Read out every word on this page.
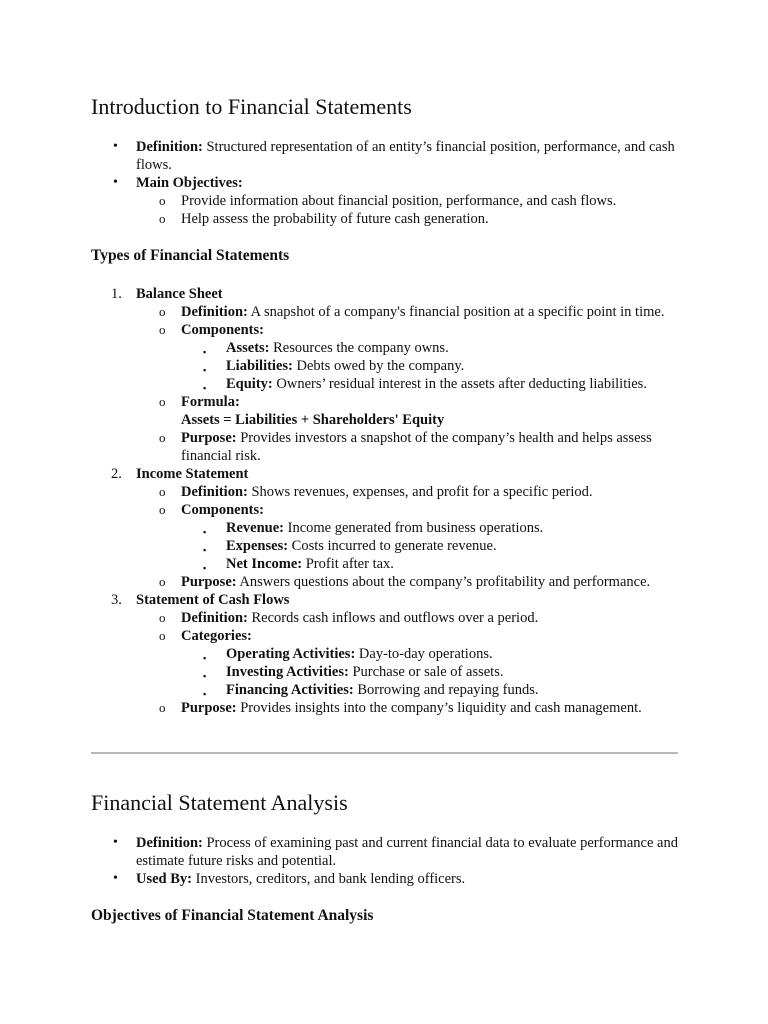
Introduction to Financial Statements
• Definition: Structured representation of an entity’s financial position, performance, and cash flows.
• Main Objectives:
o Provide information about financial position, performance, and cash flows.
o Help assess the probability of future cash generation.
Types of Financial Statements
1. Balance Sheet
o Definition: A snapshot of a company's financial position at a specific point in time.
o Components:
▪ Assets: Resources the company owns.
▪ Liabilities: Debts owed by the company.
▪ Equity: Owners’ residual interest in the assets after deducting liabilities.
o Formula:
Assets = Liabilities + Shareholders' Equity
o Purpose: Provides investors a snapshot of the company’s health and helps assess financial risk.
2. Income Statement
o Definition: Shows revenues, expenses, and profit for a specific period.
o Components:
▪ Revenue: Income generated from business operations.
▪ Expenses: Costs incurred to generate revenue.
▪ Net Income: Profit after tax.
o Purpose: Answers questions about the company’s profitability and performance.
3. Statement of Cash Flows
o Definition: Records cash inflows and outflows over a period.
o Categories:
▪ Operating Activities: Day-to-day operations.
▪ Investing Activities: Purchase or sale of assets.
▪ Financing Activities: Borrowing and repaying funds.
o Purpose: Provides insights into the company’s liquidity and cash management.
Financial Statement Analysis
• Definition: Process of examining past and current financial data to evaluate performance and estimate future risks and potential.
• Used By: Investors, creditors, and bank lending officers.
Objectives of Financial Statement Analysis
